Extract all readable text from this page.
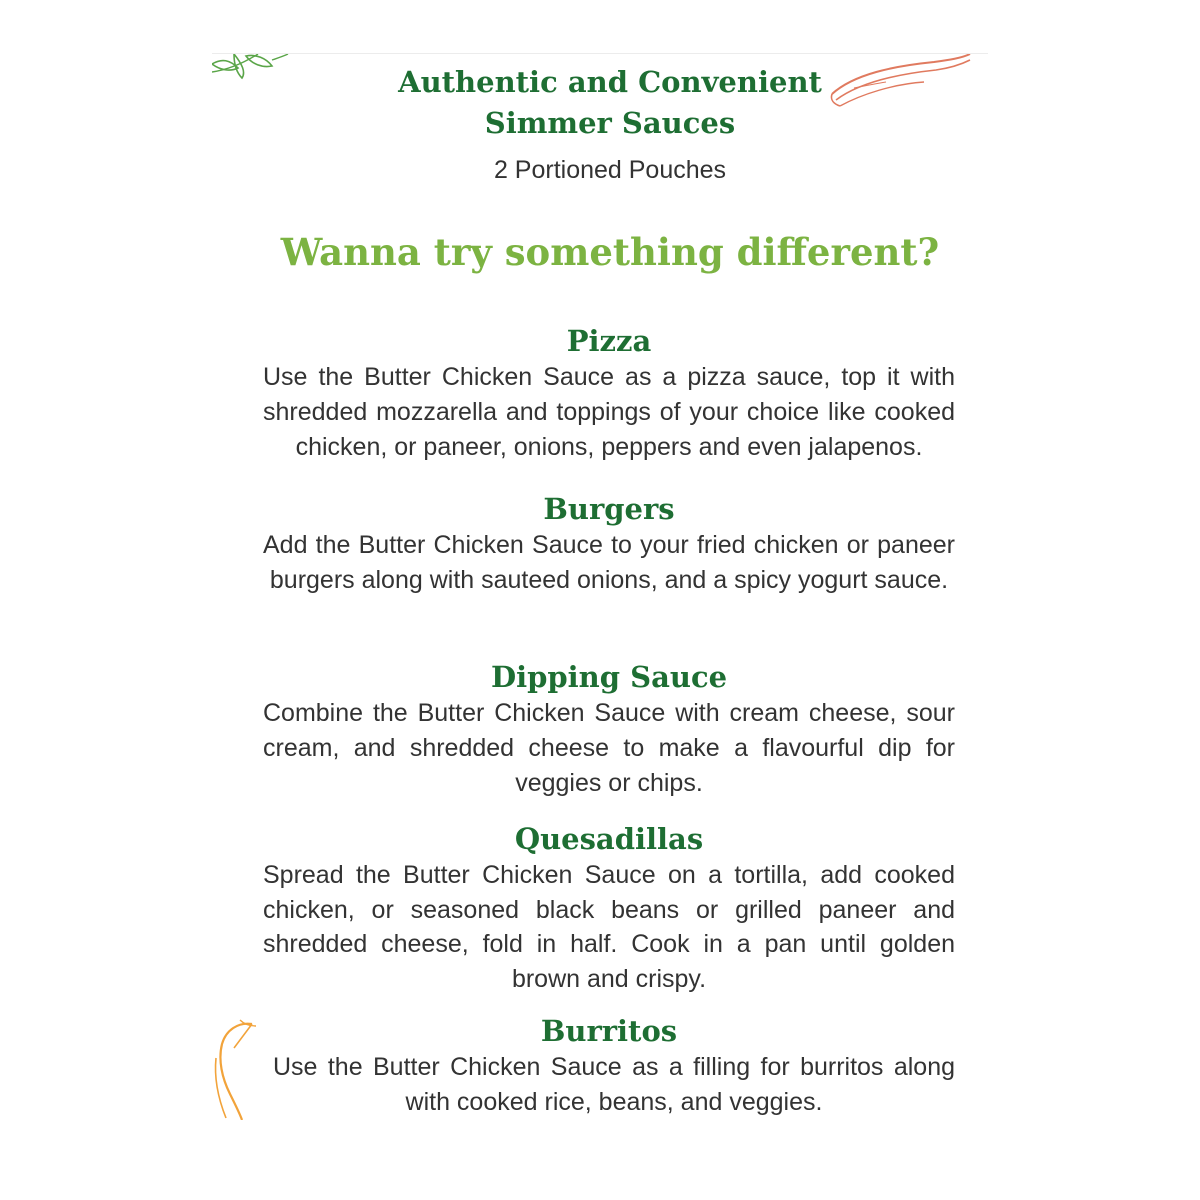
Authentic and Convenient
Simmer Sauces
2 Portioned Pouches
Wanna try something different?
Pizza
Use the Butter Chicken Sauce as a pizza sauce, top it with shredded mozzarella and toppings of your choice like cooked chicken, or paneer, onions, peppers and even jalapenos.
Burgers
Add the Butter Chicken Sauce to your fried chicken or paneer burgers along with sauteed onions, and a spicy yogurt sauce.
Dipping Sauce
Combine the Butter Chicken Sauce with cream cheese, sour cream, and shredded cheese to make a flavourful dip for veggies or chips.
Quesadillas
Spread the Butter Chicken Sauce on a tortilla, add cooked chicken, or seasoned black beans or grilled paneer and shredded cheese, fold in half. Cook in a pan until golden brown and crispy.
Burritos
Use the Butter Chicken Sauce as a filling for burritos along with cooked rice, beans, and veggies.
